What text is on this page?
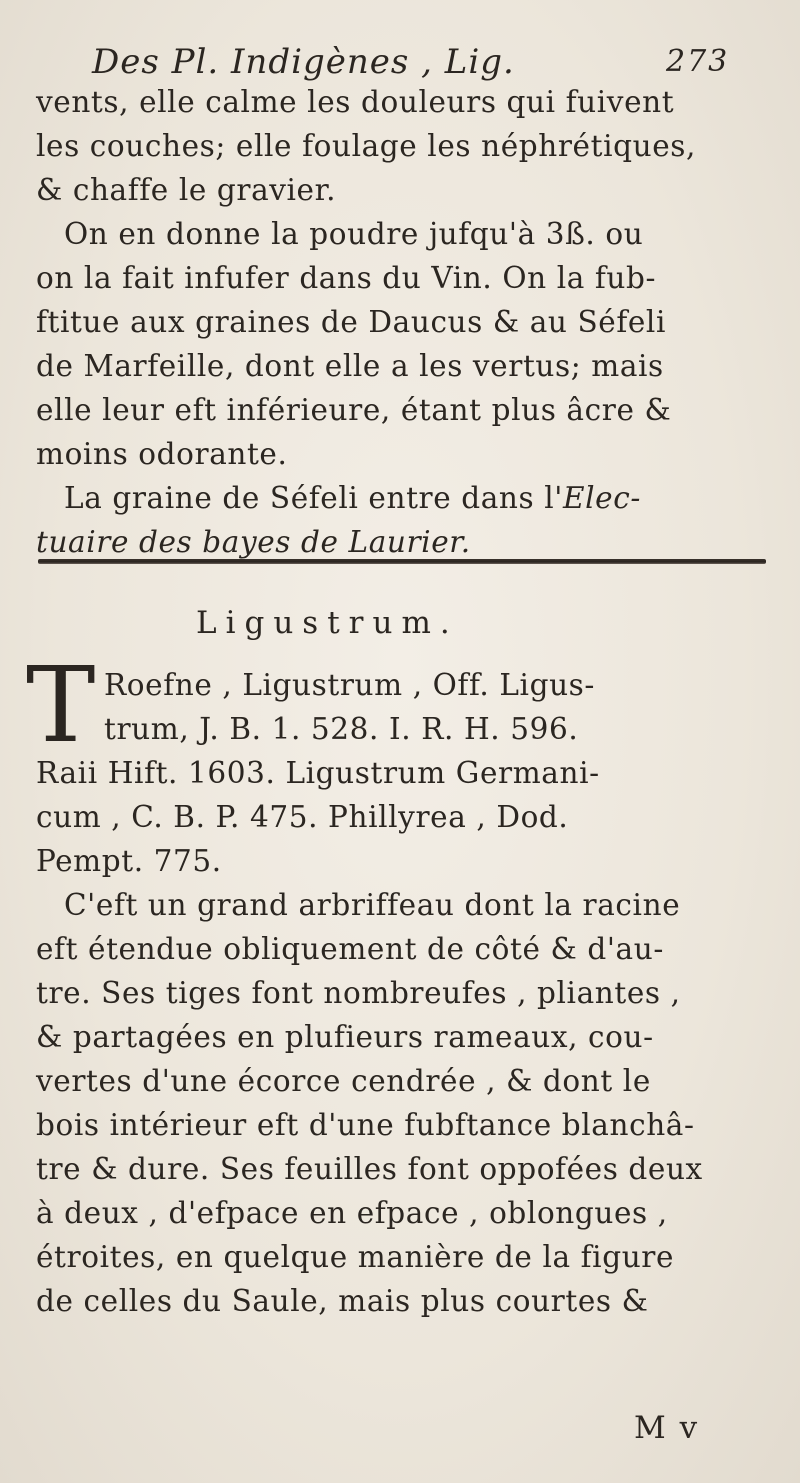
Des Pl. Indigènes , Lig.	273
vents, elle calme les douleurs qui fuivent
les couches; elle foulage les néphrétiques,
& chaffe le gravier.
On en donne la poudre jufqu'à 3ß. ou
on la fait infufer dans du Vin. On la fub-
ftitue aux graines de Daucus & au Séfeli
de Marfeille, dont elle a les vertus; mais
elle leur eft inférieure, étant plus âcre &
moins odorante.
La graine de Séfeli entre dans l'Elec-
tuaire des bayes de Laurier.
Ligustrum.
T Roefne , Ligustrum , Off. Ligus-
trum, J. B. 1. 528. I. R. H. 596.
Raii Hift. 1603. Ligustrum Germani-
cum , C. B. P. 475. Phillyrea , Dod.
Pempt. 775.
C'eft un grand arbriffeau dont la racine
eft étendue obliquement de côté & d'au-
tre. Ses tiges font nombreufes , pliantes ,
& partagées en plufieurs rameaux, cou-
vertes d'une écorce cendrée , & dont le
bois intérieur eft d'une fubftance blanchâ-
tre & dure. Ses feuilles font oppofées deux
à deux , d'efpace en efpace , oblongues ,
étroites, en quelque manière de la figure
de celles du Saule, mais plus courtes &
M v
